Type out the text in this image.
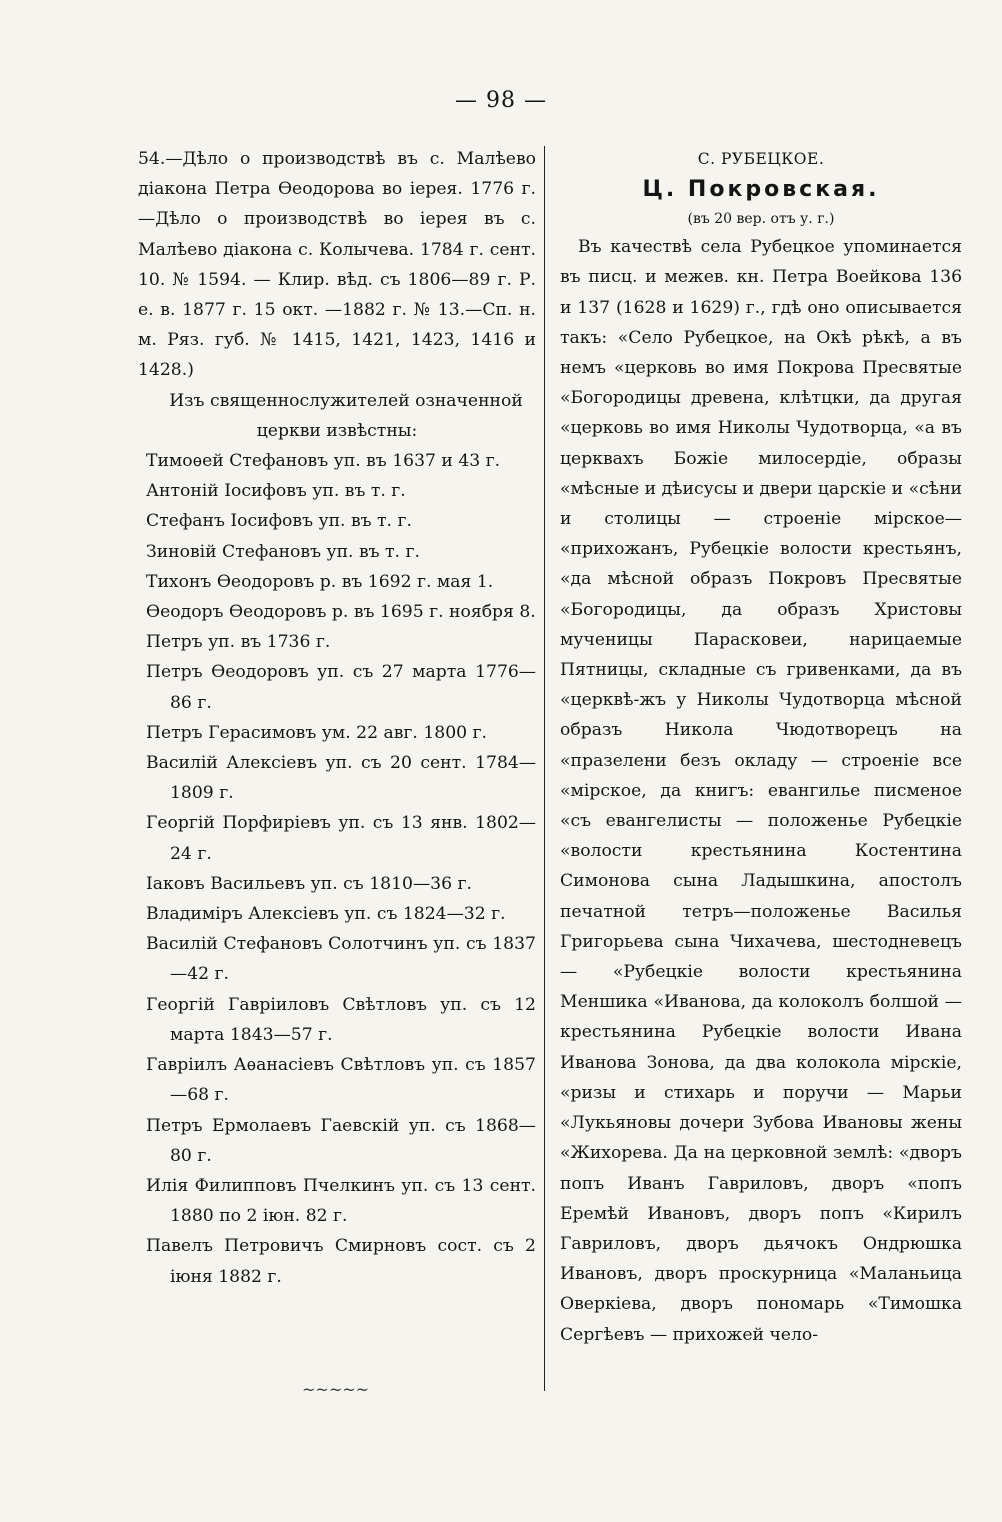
— 98 —

54.—Дѣло о производствѣ въ с. Малѣево діакона Петра Ѳеодорова во iерея. 1776 г.—Дѣло о производствѣ во iерея въ с. Малѣево діакона с. Колычева. 1784 г. сент. 10. № 1594. — Клир. вѣд. съ 1806—89 г. Р. е. в. 1877 г. 15 окт. —1882 г. № 13.—Сп. н. м. Ряз. губ. № 1415, 1421, 1423, 1416 и 1428.)

Изъ священнослужителей означенной церкви извѣстны:

Тимоѳей Стефановъ уп. въ 1637 и 43 г.

Антоній Іосифовъ уп. въ т. г.

Стефанъ Іосифовъ уп. въ т. г.

Зиновій Стефановъ уп. въ т. г.

Тихонъ Ѳеодоровъ р. въ 1692 г. мая 1.

Ѳеодоръ Ѳеодоровъ р. въ 1695 г. ноября 8.

Петръ уп. въ 1736 г.

Петръ Ѳеодоровъ уп. съ 27 марта 1776—86 г.

Петръ Герасимовъ ум. 22 авг. 1800 г.

Василій Алексіевъ уп. съ 20 сент. 1784—1809 г.

Георгій Порфиріевъ уп. съ 13 янв. 1802—24 г.

Іаковъ Васильевъ уп. съ 1810—36 г.

Владиміръ Алексіевъ уп. съ 1824—32 г.

Василій Стефановъ Солотчинъ уп. съ 1837—42 г.

Георгій Гавріиловъ Свѣтловъ уп. съ 12 марта 1843—57 г.

Гавріилъ Аѳанасіевъ Свѣтловъ уп. съ 1857—68 г.

Петръ Ермолаевъ Гаевскій уп. съ 1868—80 г.

Илія Филипповъ Пчелкинъ уп. съ 13 сент. 1880 по 2 іюн. 82 г.

Павелъ Петровичъ Смирновъ сост. съ 2 іюня 1882 г.

~~~~~

С. РУБЕЦКОЕ.

Ц. Покровская.

(въ 20 вер. отъ у. г.)

Въ качествѣ села Рубецкое упоминается въ писц. и межев. кн. Петра Воейкова 136 и 137 (1628 и 1629) г., гдѣ оно описывается такъ: «Село Рубецкое, на Окѣ рѣкѣ, а въ немъ «церковь во имя Покрова Пресвятые «Богородицы древена, клѣтцки, да другая «церковь во имя Николы Чудотворца, «а въ церквахъ Божіе милосердіе, образы «мѣсные и дѣисусы и двери царскіе и «сѣни и столицы — строеніе мірское— «прихожанъ, Рубецкіе волости крестьянъ, «да мѣсной образъ Покровъ Пресвятые «Богородицы, да образъ Христовы мученицы Парасковеи, нарицаемые Пятницы, складные съ гривенками, да въ «церквѣ-жъ у Николы Чудотворца мѣсной образъ Никола Чюдотворецъ на «празелени безъ окладу — строеніе все «мірское, да книгъ: евангилье писменое «съ евангелисты — положенье Рубецкіе «волости крестьянина Костентина Симонова сына Ладышкина, апостолъ печатной тетръ—положенье Василья Григорьева сына Чихачева, шестодневецъ— «Рубецкіе волости крестьянина Меншика «Иванова, да колоколъ болшой — крестьянина Рубецкіе волости Ивана Иванова Зонова, да два колокола мірскіе, «ризы и стихарь и поручи — Марьи «Лукьяновы дочери Зубова Ивановы жены «Жихорева. Да на церковной землѣ: «дворъ попъ Иванъ Гавриловъ, дворъ «попъ Еремѣй Ивановъ, дворъ попъ «Кирилъ Гавриловъ, дворъ дьячокъ Ондрюшка Ивановъ, дворъ проскурница «Маланьица Оверкіева, дворъ пономарь «Тимошка Сергѣевъ — прихожей чело-
